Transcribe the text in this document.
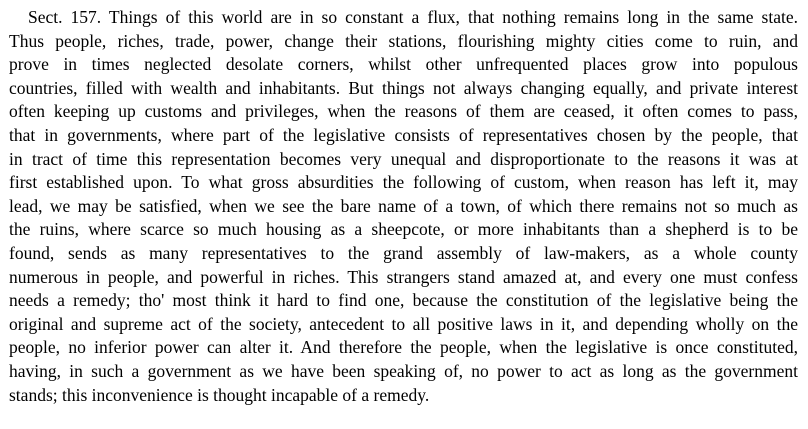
Sect. 157. Things of this world are in so constant a flux, that nothing remains long in the same state.
Thus people, riches, trade, power, change their stations, flourishing mighty cities come to ruin, and
prove in times neglected desolate corners, whilst other unfrequented places grow into populous
countries, filled with wealth and inhabitants. But things not always changing equally, and private interest
often keeping up customs and privileges, when the reasons of them are ceased, it often comes to pass,
that in governments, where part of the legislative consists of representatives chosen by the people, that
in tract of time this representation becomes very unequal and disproportionate to the reasons it was at
first established upon. To what gross absurdities the following of custom, when reason has left it, may
lead, we may be satisfied, when we see the bare name of a town, of which there remains not so much as
the ruins, where scarce so much housing as a sheepcote, or more inhabitants than a shepherd is to be
found, sends as many representatives to the grand assembly of law-makers, as a whole county
numerous in people, and powerful in riches. This strangers stand amazed at, and every one must confess
needs a remedy; tho' most think it hard to find one, because the constitution of the legislative being the
original and supreme act of the society, antecedent to all positive laws in it, and depending wholly on the
people, no inferior power can alter it. And therefore the people, when the legislative is once constituted,
having, in such a government as we have been speaking of, no power to act as long as the government
stands; this inconvenience is thought incapable of a remedy.
